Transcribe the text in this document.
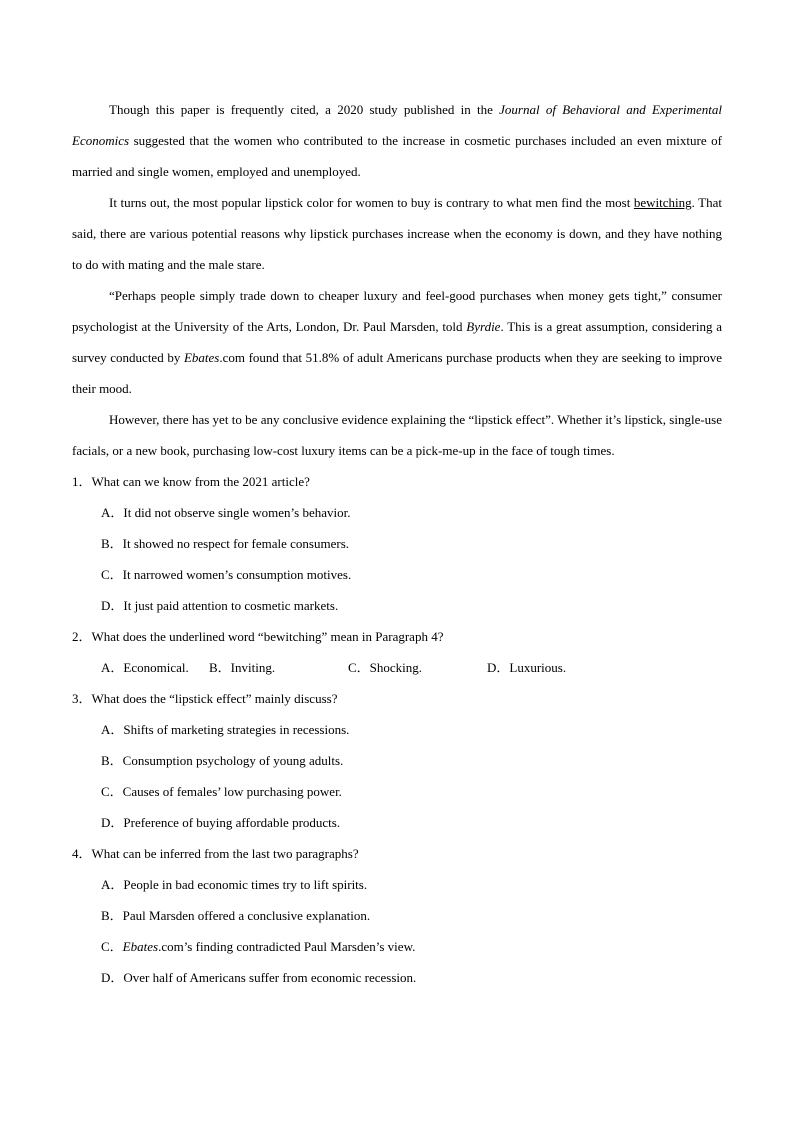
Though this paper is frequently cited, a 2020 study published in the Journal of Behavioral and Experimental Economics suggested that the women who contributed to the increase in cosmetic purchases included an even mixture of married and single women, employed and unemployed.

It turns out, the most popular lipstick color for women to buy is contrary to what men find the most bewitching. That said, there are various potential reasons why lipstick purchases increase when the economy is down, and they have nothing to do with mating and the male stare.

“Perhaps people simply trade down to cheaper luxury and feel-good purchases when money gets tight,” consumer psychologist at the University of the Arts, London, Dr. Paul Marsden, told Byrdie. This is a great assumption, considering a survey conducted by Ebates.com found that 51.8% of adult Americans purchase products when they are seeking to improve their mood.

However, there has yet to be any conclusive evidence explaining the “lipstick effect”. Whether it’s lipstick, single-use facials, or a new book, purchasing low-cost luxury items can be a pick-me-up in the face of tough times.

1．What can we know from the 2021 article?

A．It did not observe single women’s behavior.

B．It showed no respect for female consumers.

C．It narrowed women’s consumption motives.

D．It just paid attention to cosmetic markets.

2．What does the underlined word “bewitching” mean in Paragraph 4?

A．Economical.	B．Inviting.	C．Shocking.	D．Luxurious.

3．What does the “lipstick effect” mainly discuss?

A．Shifts of marketing strategies in recessions.

B．Consumption psychology of young adults.

C．Causes of females’ low purchasing power.

D．Preference of buying affordable products.

4．What can be inferred from the last two paragraphs?

A．People in bad economic times try to lift spirits.

B．Paul Marsden offered a conclusive explanation.

C．Ebates.com’s finding contradicted Paul Marsden’s view.

D．Over half of Americans suffer from economic recession.
